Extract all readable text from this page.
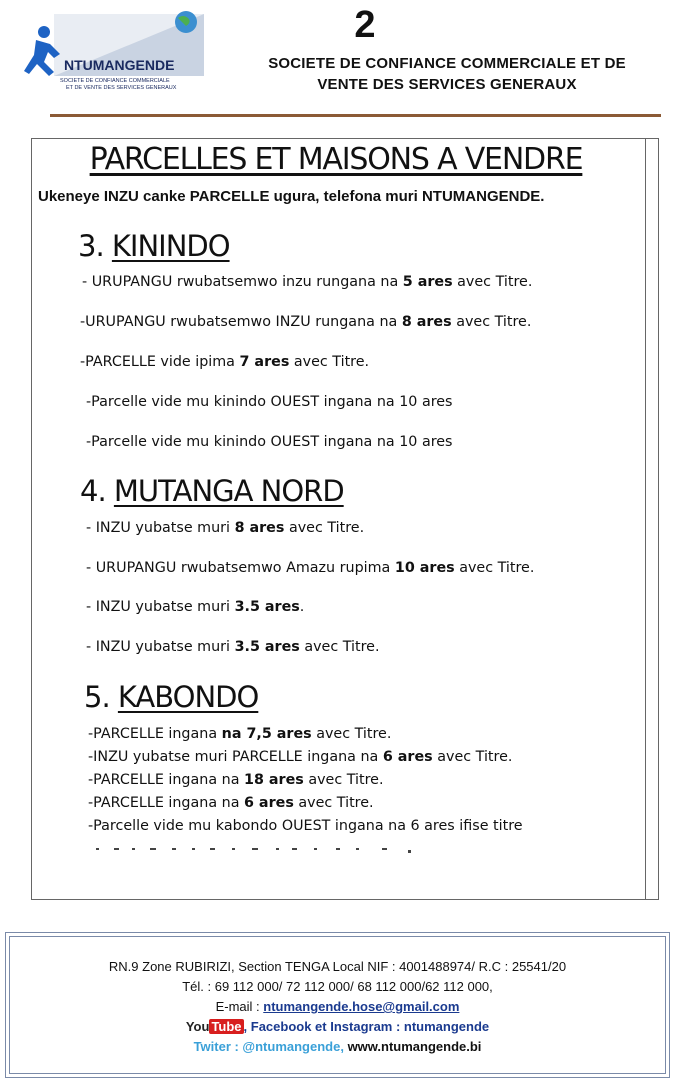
NTUMANGENDE
SOCIETE DE CONFIANCE COMMERCIALE
ET DE VENTE DES SERVICES GENERAUX
2
SOCIETE DE CONFIANCE COMMERCIALE ET DE
VENTE DES SERVICES GENERAUX
PARCELLES ET MAISONS A VENDRE
Ukeneye INZU canke PARCELLE ugura, telefona muri NTUMANGENDE.
3. KININDO
- URUPANGU rwubatsemwo inzu rungana na 5 ares avec Titre.
-URUPANGU rwubatsemwo INZU rungana na 8 ares avec Titre.
-PARCELLE vide ipima 7 ares avec Titre.
-Parcelle vide mu kinindo OUEST ingana na 10 ares
-Parcelle vide mu kinindo OUEST ingana na 10 ares
4. MUTANGA NORD
- INZU yubatse muri 8 ares avec Titre.
- URUPANGU rwubatsemwo Amazu rupima 10 ares avec Titre.
- INZU yubatse muri 3.5 ares.
- INZU yubatse muri 3.5 ares avec Titre.
5. KABONDO
-PARCELLE ingana na 7,5 ares avec Titre.
-INZU yubatse muri PARCELLE ingana na 6 ares avec Titre.
-PARCELLE ingana na 18 ares avec Titre.
-PARCELLE ingana na 6 ares avec Titre.
-Parcelle vide mu kabondo OUEST ingana na 6 ares ifise titre
RN.9 Zone RUBIRIZI, Section TENGA Local NIF : 4001488974/ R.C : 25541/20
Tél. : 69 112 000/ 72 112 000/ 68 112 000/62 112 000,
E-mail : ntumangende.hose@gmail.com
You Tube , Facebook et Instagram : ntumangende
Twiter : @ntumangende, www.ntumangende.bi
